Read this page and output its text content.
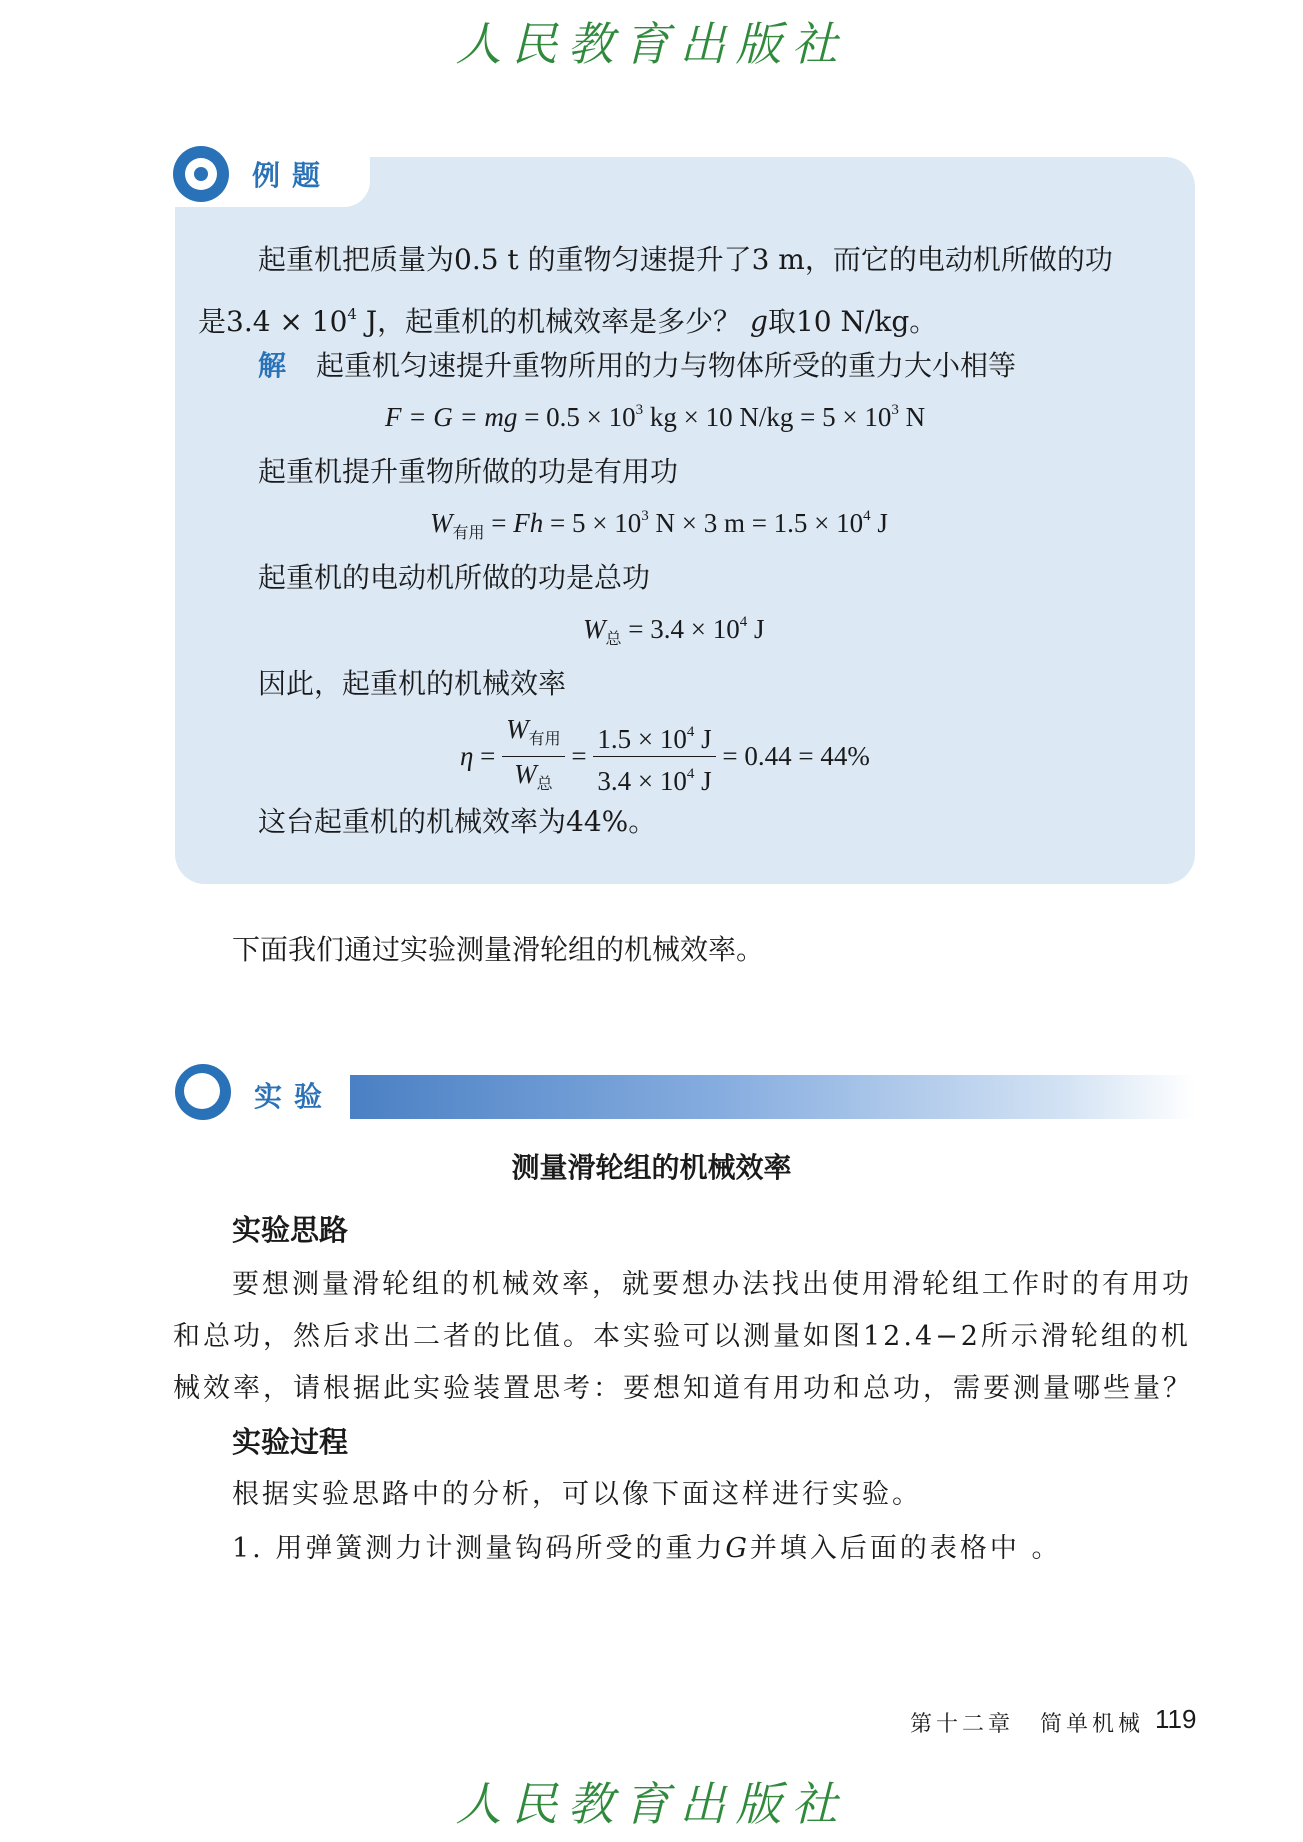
人民教育出版社
例题
起重机把质量为0.5 t 的重物匀速提升了3 m，而它的电动机所做的功
是$3.4 \times 10^4$ J，起重机的机械效率是多少？ g取10 N/kg。
解 起重机匀速提升重物所用的力与物体所受的重力大小相等
F = G = mg = $0.5 \times 10^3$ kg × 10 $N/kg = 5 \times 10^3$ N
起重机提升重物所做的功是有用功
$W_{有用} = Fh = 5 \times 10^3$ N × 3 $m = 1.5 \times 10^4$ J
起重机的电动机所做的功是总功
$W_总 = 3.4 \times 10^4$ J
因此，起重机的机械效率
$\eta = \frac{W_{有用}}{W_总} = \frac{1.5 \times 10^4 J}{3.4 \times 10^4 J} = 0.44 = 44\%$
这台起重机的机械效率为44%。
下面我们通过实验测量滑轮组的机械效率。
实验
测量滑轮组的机械效率
实验思路
要想测量滑轮组的机械效率，就要想办法找出使用滑轮组工作时的有用功
和总功，然后求出二者的比值。本实验可以测量如图12.4−2所示滑轮组的机
械效率，请根据此实验装置思考：要想知道有用功和总功，需要测量哪些量？
实验过程
根据实验思路中的分析，可以像下面这样进行实验。
1. 用弹簧测力计测量钩码所受的重力G并填入后面的表格中 。
第十二章　简单机械 119
人民教育出版社
